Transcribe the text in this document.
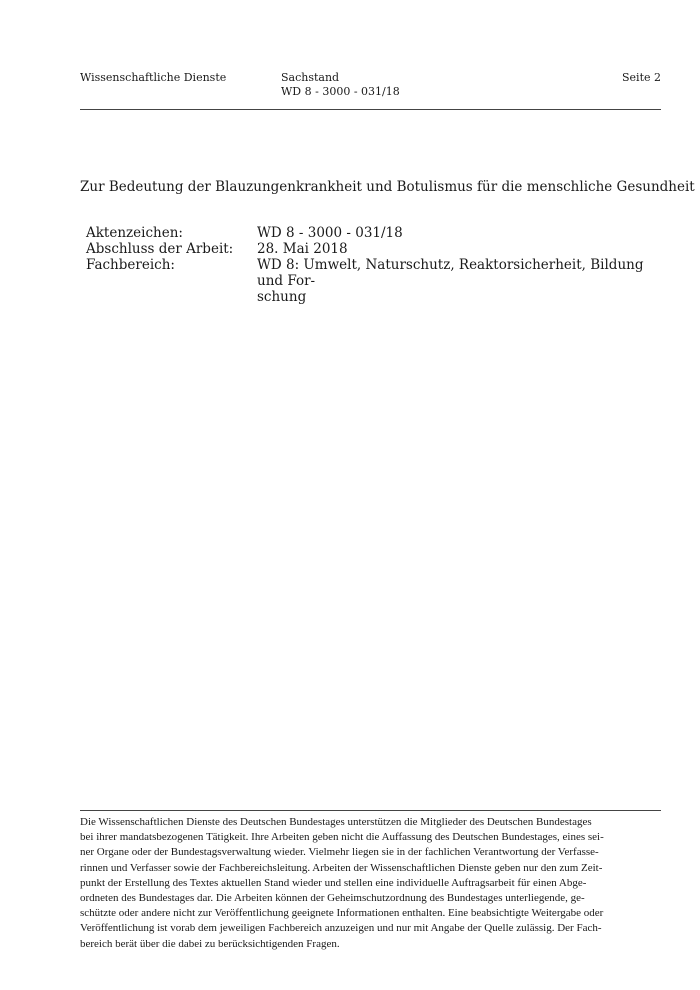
Wissenschaftliche Dienste	Sachstand
WD 8 - 3000 - 031/18
Seite 2
Zur Bedeutung der Blauzungenkrankheit und Botulismus für die menschliche Gesundheit
Aktenzeichen:	WD 8 - 3000 - 031/18
Abschluss der Arbeit:	28. Mai 2018
Fachbereich:	WD 8: Umwelt, Naturschutz, Reaktorsicherheit, Bildung und For-
schung
Die Wissenschaftlichen Dienste des Deutschen Bundestages unterstützen die Mitglieder des Deutschen Bundestages
bei ihrer mandatsbezogenen Tätigkeit. Ihre Arbeiten geben nicht die Auffassung des Deutschen Bundestages, eines sei-
ner Organe oder der Bundestagsverwaltung wieder. Vielmehr liegen sie in der fachlichen Verantwortung der Verfasse-
rinnen und Verfasser sowie der Fachbereichsleitung. Arbeiten der Wissenschaftlichen Dienste geben nur den zum Zeit-
punkt der Erstellung des Textes aktuellen Stand wieder und stellen eine individuelle Auftragsarbeit für einen Abge-
ordneten des Bundestages dar. Die Arbeiten können der Geheimschutzordnung des Bundestages unterliegende, ge-
schützte oder andere nicht zur Veröffentlichung geeignete Informationen enthalten. Eine beabsichtigte Weitergabe oder
Veröffentlichung ist vorab dem jeweiligen Fachbereich anzuzeigen und nur mit Angabe der Quelle zulässig. Der Fach-
bereich berät über die dabei zu berücksichtigenden Fragen.
